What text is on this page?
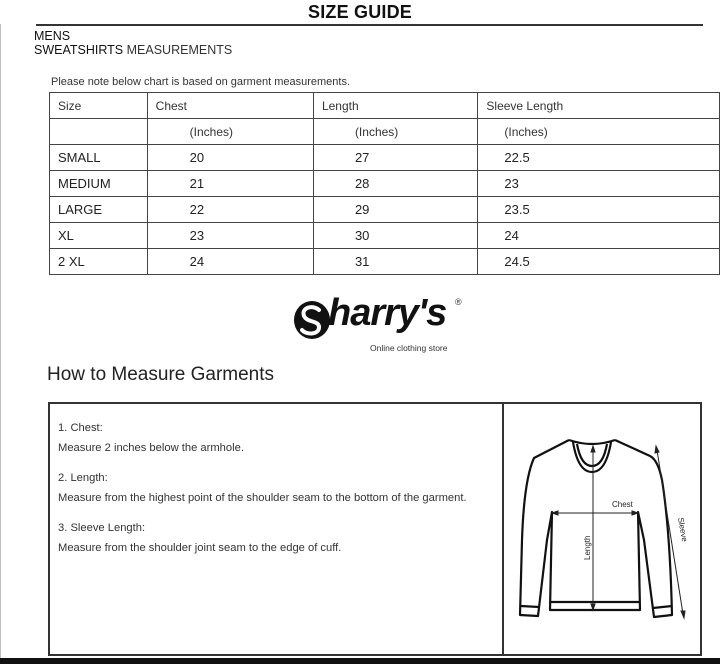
SIZE GUIDE
MENS
SWEATSHIRTS MEASUREMENTS
Please note below chart is based on garment measurements.
Size	Chest	Length	Sleeve Length
	(Inches)	(Inches)	(Inches)
SMALL	20	27	22.5
MEDIUM	21	28	23
LARGE	22	29	23.5
XL	23	30	24
2 XL	24	31	24.5
harry's ®
Online clothing store
How to Measure Garments
1. Chest:
Measure 2 inches below the armhole.
2. Length:
Measure from the highest point of the shoulder seam to the bottom of the garment.
3. Sleeve Length:
Measure from the shoulder joint seam to the edge of cuff.
Chest
Length
Sleeve
